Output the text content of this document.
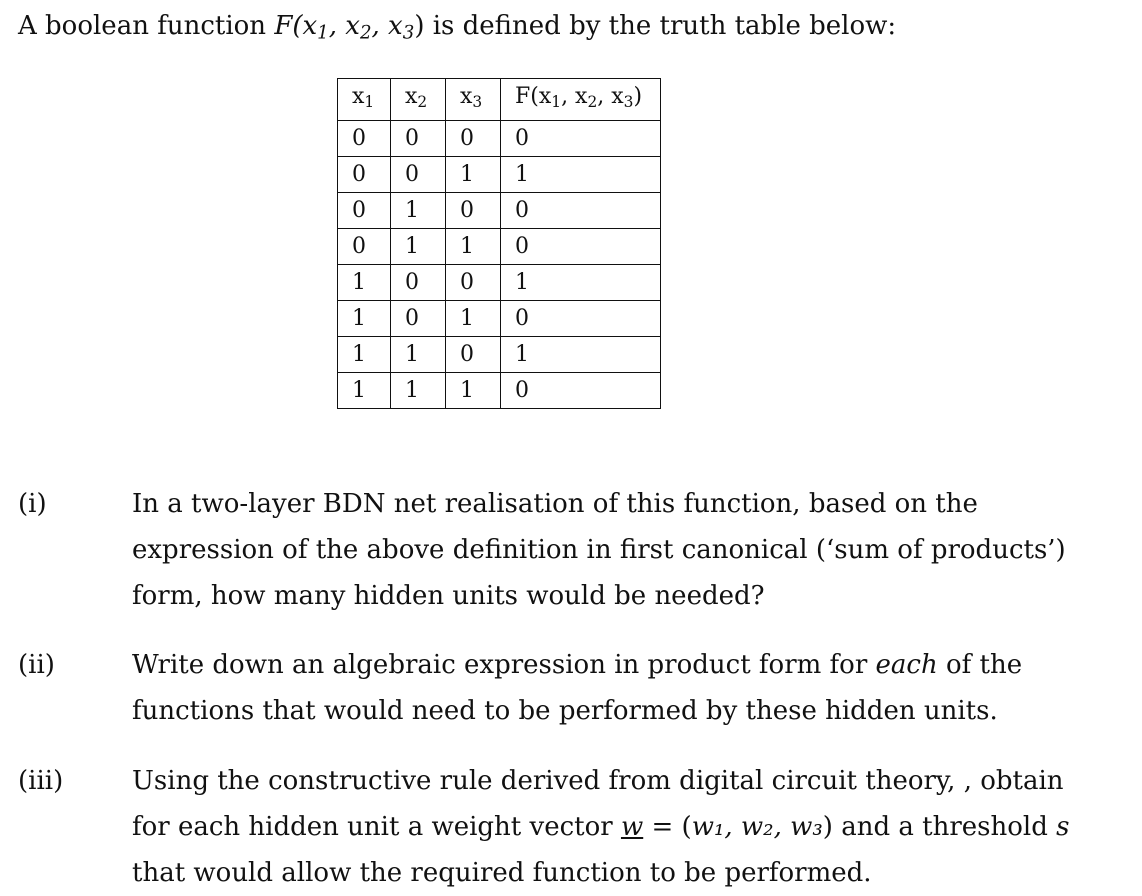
A boolean function $F(x_1$, $x_2$, $x_3$) is defined by the truth table below:
x1	x2	x3	F(x1, x2, x3)
0	0	0	0
0	0	1	1
0	1	0	0
0	1	1	0
1	0	0	1
1	0	1	0
1	1	0	1
1	1	1	0
(i)	In a two-layer BDN net realisation of this function, based on the
expression of the above definition in first canonical (‘sum of products’)
form, how many hidden units would be needed?
(ii)	Write down an algebraic expression in product form for each of the
functions that would need to be performed by these hidden units.
(iii)	Using the constructive rule derived from digital circuit theory, , obtain
for each hidden unit a weight vector w = (w₁, w₂, w₃) and a threshold s
that would allow the required function to be performed.
